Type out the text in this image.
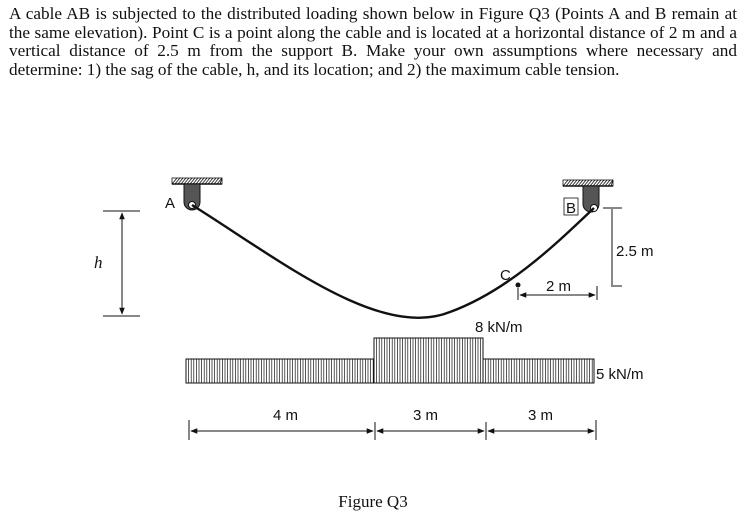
A cable AB is subjected to the distributed loading shown below in Figure Q3 (Points A and B remain at the same elevation). Point C is a point along the cable and is located at a horizontal distance of 2 m and a vertical distance of 2.5 m from the support B. Make your own assumptions where necessary and determine: 1) the sag of the cable, h, and its location; and 2) the maximum cable tension.

A	B
C
h
2.5 m
2 m
8 kN/m
5 kN/m
4 m	3 m	3 m
Figure Q3
